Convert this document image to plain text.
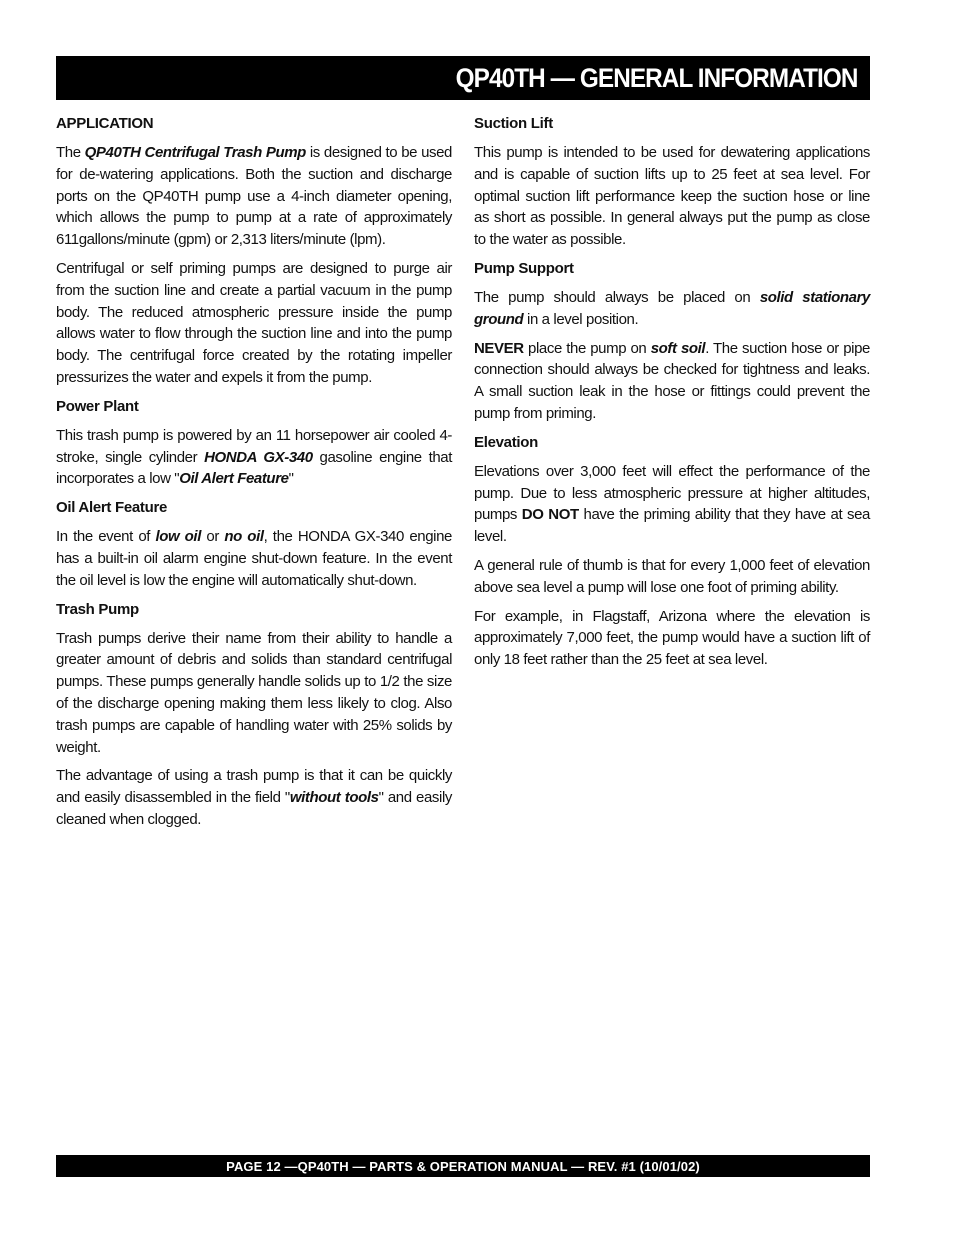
QP40TH — GENERAL INFORMATION
APPLICATION

The QP40TH Centrifugal Trash Pump is designed to be used for de-watering applications. Both the suction and discharge ports on the QP40TH pump use a 4-inch diameter opening, which allows the pump to pump at a rate of approximately 611gallons/minute (gpm) or 2,313 liters/minute (lpm).

Centrifugal or self priming pumps are designed to purge air from the suction line and create a partial vacuum in the pump body. The reduced atmospheric pressure inside the pump allows water to flow through the suction line and into the pump body. The centrifugal force created by the rotating impeller pressurizes the water and expels it from the pump.

Power Plant

This trash pump is powered by an 11 horsepower air cooled 4-stroke, single cylinder HONDA GX-340 gasoline engine that incorporates a low "Oil Alert Feature"

Oil Alert Feature

In the event of low oil or no oil, the HONDA GX-340 engine has a built-in oil alarm engine shut-down feature. In the event the oil level is low the engine will automatically shut-down.

Trash Pump

Trash pumps derive their name from their ability to handle a greater amount of debris and solids than standard centrifugal pumps. These pumps generally handle solids up to 1/2 the size of the discharge opening making them less likely to clog. Also trash pumps are capable of handling water with 25% solids by weight.

The advantage of using a trash pump is that it can be quickly and easily disassembled in the field "without tools" and easily cleaned when clogged.

Suction Lift

This pump is intended to be used for dewatering applications and is capable of suction lifts up to 25 feet at sea level. For optimal suction lift performance keep the suction hose or line as short as possible. In general always put the pump as close to the water as possible.

Pump Support

The pump should always be placed on solid stationary ground in a level position.

NEVER place the pump on soft soil. The suction hose or pipe connection should always be checked for tightness and leaks. A small suction leak in the hose or fittings could prevent the pump from priming.

Elevation

Elevations over 3,000 feet will effect the performance of the pump. Due to less atmospheric pressure at higher altitudes, pumps DO NOT have the priming ability that they have at sea level.

A general rule of thumb is that for every 1,000 feet of elevation above sea level a pump will lose one foot of priming ability.

For example, in Flagstaff, Arizona where the elevation is approximately 7,000 feet, the pump would have a suction lift of only 18 feet rather than the 25 feet at sea level.

PAGE 12 —QP40TH — PARTS & OPERATION MANUAL — REV. #1 (10/01/02)
